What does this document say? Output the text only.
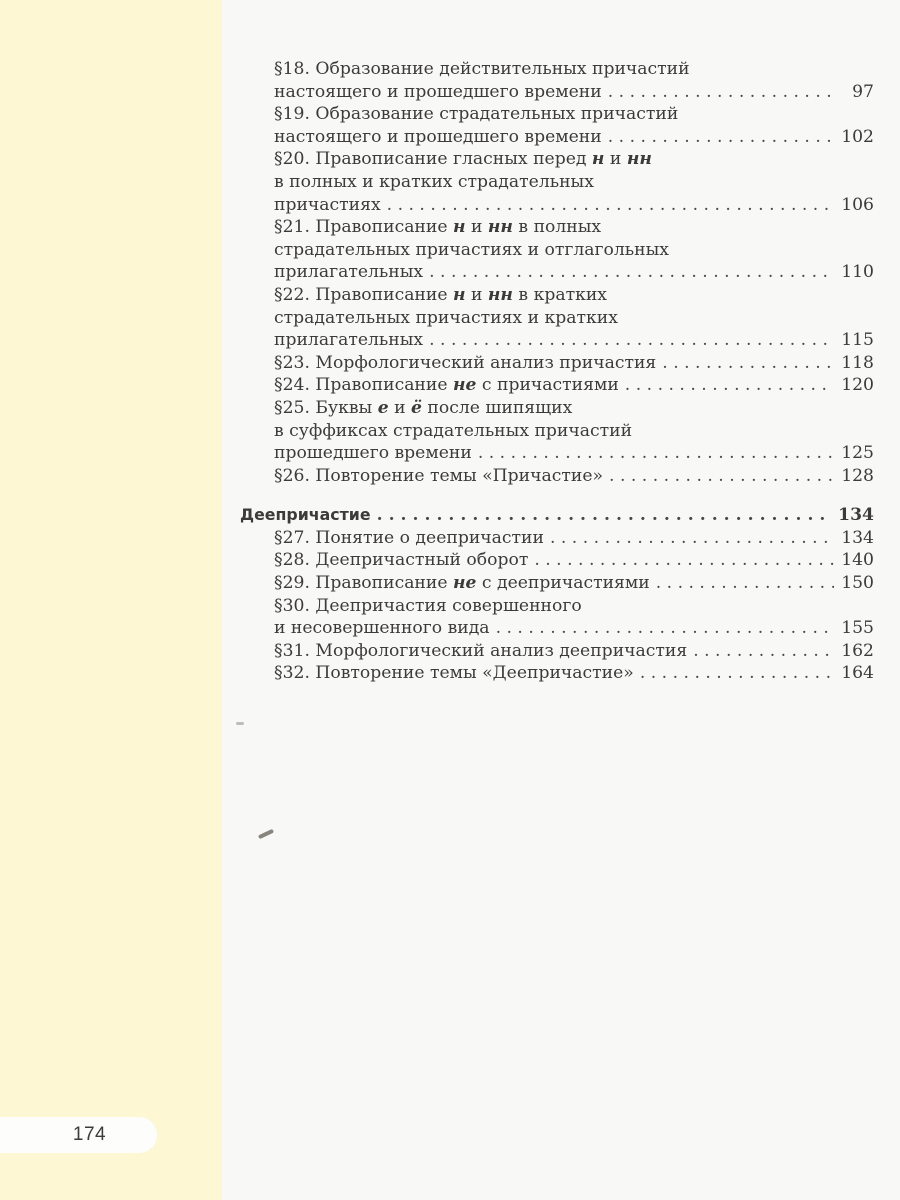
§18. Образование действительных причастий
настоящего и прошедшего времени . . .	97
§19. Образование страдательных причастий
настоящего и прошедшего времени . . .	102
§20. Правописание гласных перед н и нн
в полных и кратких страдательных
причастиях . . .	106
§21. Правописание н и нн в полных
страдательных причастиях и отглагольных
прилагательных . . .	110
§22. Правописание н и нн в кратких
страдательных причастиях и кратких
прилагательных . . .	115
§23. Морфологический анализ причастия . . .	118
§24. Правописание не с причастиями . . .	120
§25. Буквы е и ё после шипящих
в суффиксах страдательных причастий
прошедшего времени . . .	125
§26. Повторение темы «Причастие» . . .	128
Деепричастие . . .	134
§27. Понятие о деепричастии . . .	134
§28. Деепричастный оборот . . .	140
§29. Правописание не с деепричастиями . . .	150
§30. Деепричастия совершенного
и несовершенного вида . . .	155
§31. Морфологический анализ деепричастия . . .	162
§32. Повторение темы «Деепричастие» . . .	164
174
